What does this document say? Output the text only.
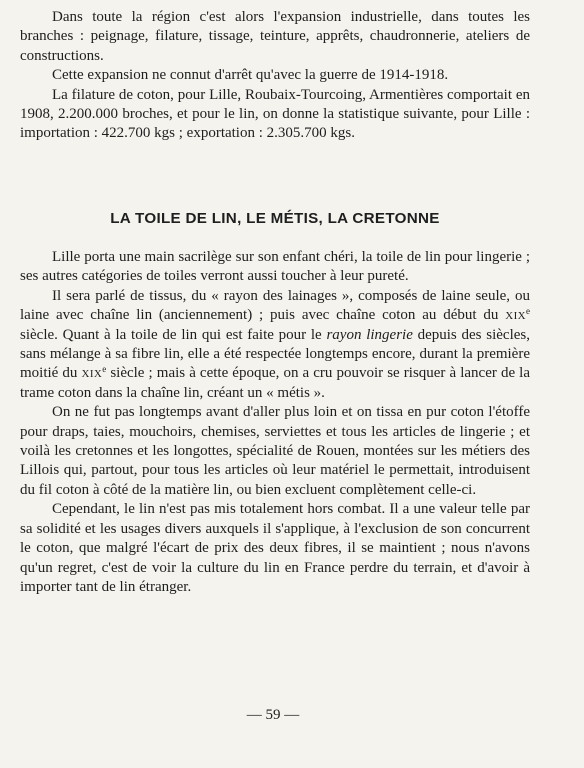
Dans toute la région c'est alors l'expansion industrielle, dans toutes les branches : peignage, filature, tissage, teinture, apprêts, chaudronnerie, ateliers de constructions.

Cette expansion ne connut d'arrêt qu'avec la guerre de 1914-1918.

La filature de coton, pour Lille, Roubaix-Tourcoing, Armentières comportait en 1908, 2.200.000 broches, et pour le lin, on donne la statistique suivante, pour Lille : importation : 422.700 kgs ; exportation : 2.305.700 kgs.

LA TOILE DE LIN, LE MÉTIS, LA CRETONNE

Lille porta une main sacrilège sur son enfant chéri, la toile de lin pour lingerie ; ses autres catégories de toiles verront aussi toucher à leur pureté.

Il sera parlé de tissus, du « rayon des lainages », composés de laine seule, ou laine avec chaîne lin (anciennement) ; puis avec chaîne coton au début du xix$^e$ siècle. Quant à la toile de lin qui est faite pour le rayon lingerie depuis des siècles, sans mélange à sa fibre lin, elle a été respectée longtemps encore, durant la première moitié du xix$^e$ siècle ; mais à cette époque, on a cru pouvoir se risquer à lancer de la trame coton dans la chaîne lin, créant un « métis ».

On ne fut pas longtemps avant d'aller plus loin et on tissa en pur coton l'étoffe pour draps, taies, mouchoirs, chemises, serviettes et tous les articles de lingerie ; et voilà les cretonnes et les longottes, spécialité de Rouen, montées sur les métiers des Lillois qui, partout, pour tous les articles où leur matériel le permettait, introduisent du fil coton à côté de la matière lin, ou bien excluent complètement celle-ci.

Cependant, le lin n'est pas mis totalement hors combat. Il a une valeur telle par sa solidité et les usages divers auxquels il s'applique, à l'exclusion de son concurrent le coton, que malgré l'écart de prix des deux fibres, il se maintient ; nous n'avons qu'un regret, c'est de voir la culture du lin en France perdre du terrain, et d'avoir à importer tant de lin étranger.

— 59 —
